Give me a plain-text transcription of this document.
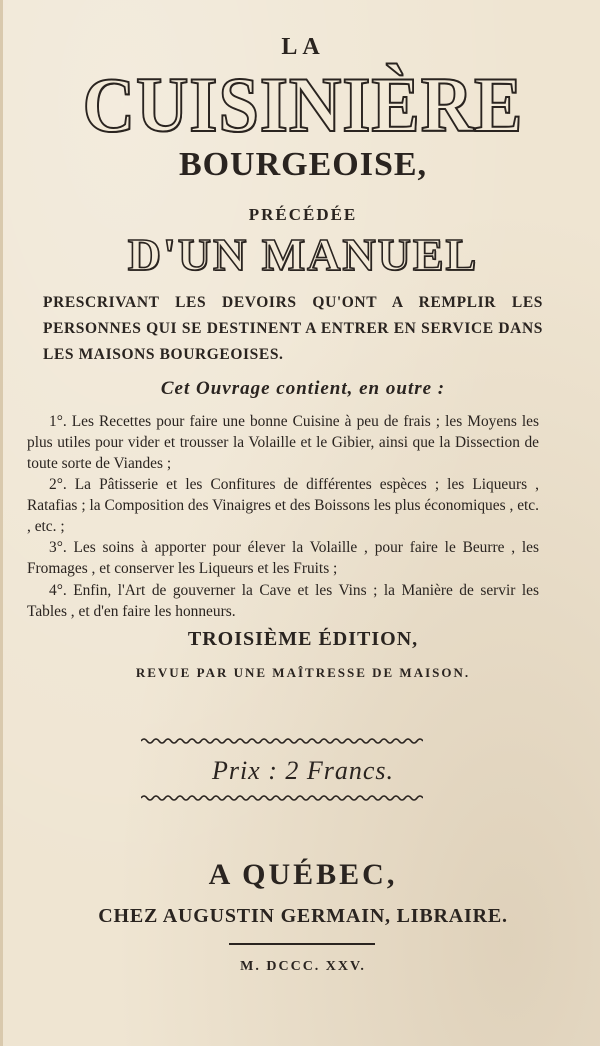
LA
CUISINIÈRE
BOURGEOISE,
PRÉCÉDÉE
D'UN MANUEL
PRESCRIVANT LES DEVOIRS QU'ONT A REMPLIR LES PERSONNES QUI SE DESTINENT A ENTRER EN SERVICE DANS LES MAISONS BOURGEOISES.
Cet Ouvrage contient, en outre :
1°. Les Recettes pour faire une bonne Cuisine à peu de frais ; les Moyens les plus utiles pour vider et trousser la Volaille et le Gibier, ainsi que la Dissection de toute sorte de Viandes ;
2°. La Pâtisserie et les Confitures de différentes espèces ; les Liqueurs , Ratafias ; la Composition des Vinaigres et des Boissons les plus économiques , etc. , etc. ;
3°. Les soins à apporter pour élever la Volaille , pour faire le Beurre , les Fromages , et conserver les Liqueurs et les Fruits ;
4°. Enfin, l'Art de gouverner la Cave et les Vins ; la Manière de servir les Tables , et d'en faire les honneurs.
TROISIÈME ÉDITION,
REVUE PAR UNE MAÎTRESSE DE MAISON.
Prix : 2 Francs.
A QUÉBEC,
CHEZ AUGUSTIN GERMAIN, LIBRAIRE.
M. DCCC. XXV.
